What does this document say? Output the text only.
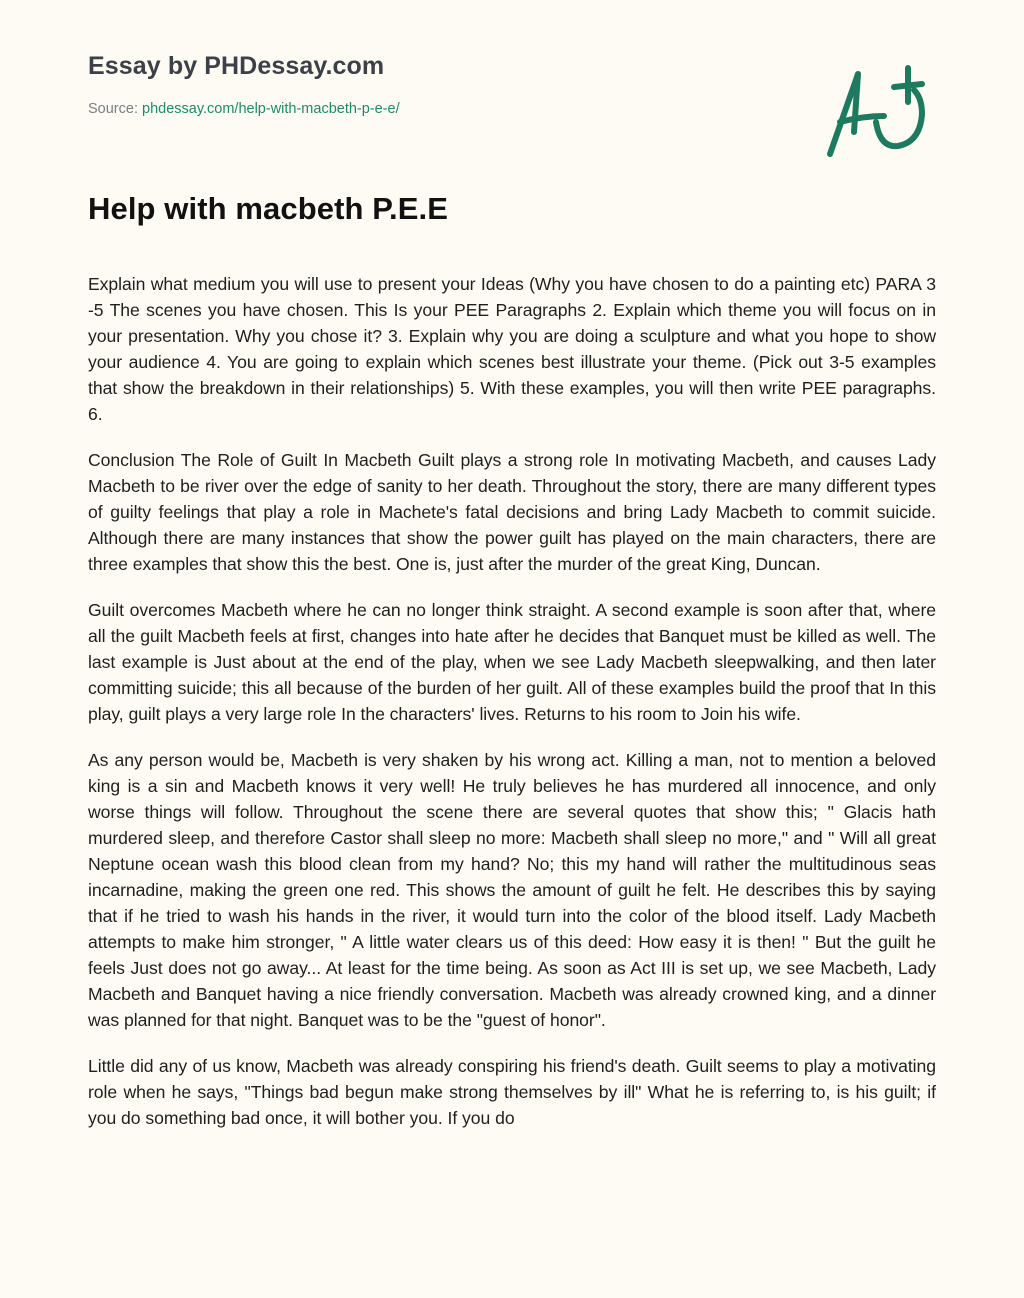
Essay by PHDessay.com
Source: phdessay.com/help-with-macbeth-p-e-e/
Help with macbeth P.E.E

Explain what medium you will use to present your Ideas (Why you have chosen to do a painting etc) PARA 3 -5 The scenes you have chosen. This Is your PEE Paragraphs 2. Explain which theme you will focus on in your presentation. Why you chose it? 3. Explain why you are doing a sculpture and what you hope to show your audience 4. You are going to explain which scenes best illustrate your theme. (Pick out 3-5 examples that show the breakdown in their relationships) 5. With these examples, you will then write PEE paragraphs. 6.

Conclusion The Role of Guilt In Macbeth Guilt plays a strong role In motivating Macbeth, and causes Lady Macbeth to be river over the edge of sanity to her death. Throughout the story, there are many different types of guilty feelings that play a role in Machete's fatal decisions and bring Lady Macbeth to commit suicide. Although there are many instances that show the power guilt has played on the main characters, there are three examples that show this the best. One is, just after the murder of the great King, Duncan.

Guilt overcomes Macbeth where he can no longer think straight. A second example is soon after that, where all the guilt Macbeth feels at first, changes into hate after he decides that Banquet must be killed as well. The last example is Just about at the end of the play, when we see Lady Macbeth sleepwalking, and then later committing suicide; this all because of the burden of her guilt. All of these examples build the proof that In this play, guilt plays a very large role In the characters' lives. Returns to his room to Join his wife.

As any person would be, Macbeth is very shaken by his wrong act. Killing a man, not to mention a beloved king is a sin and Macbeth knows it very well! He truly believes he has murdered all innocence, and only worse things will follow. Throughout the scene there are several quotes that show this; " Glacis hath murdered sleep, and therefore Castor shall sleep no more: Macbeth shall sleep no more," and " Will all great Neptune ocean wash this blood clean from my hand? No; this my hand will rather the multitudinous seas incarnadine, making the green one red. This shows the amount of guilt he felt. He describes this by saying that if he tried to wash his hands in the river, it would turn into the color of the blood itself. Lady Macbeth attempts to make him stronger, " A little water clears us of this deed: How easy it is then! " But the guilt he feels Just does not go away... At least for the time being. As soon as Act III is set up, we see Macbeth, Lady Macbeth and Banquet having a nice friendly conversation. Macbeth was already crowned king, and a dinner was planned for that night. Banquet was to be the "guest of honor".

Little did any of us know, Macbeth was already conspiring his friend's death. Guilt seems to play a motivating role when he says, "Things bad begun make strong themselves by ill" What he is referring to, is his guilt; if you do something bad once, it will bother you. If you do
